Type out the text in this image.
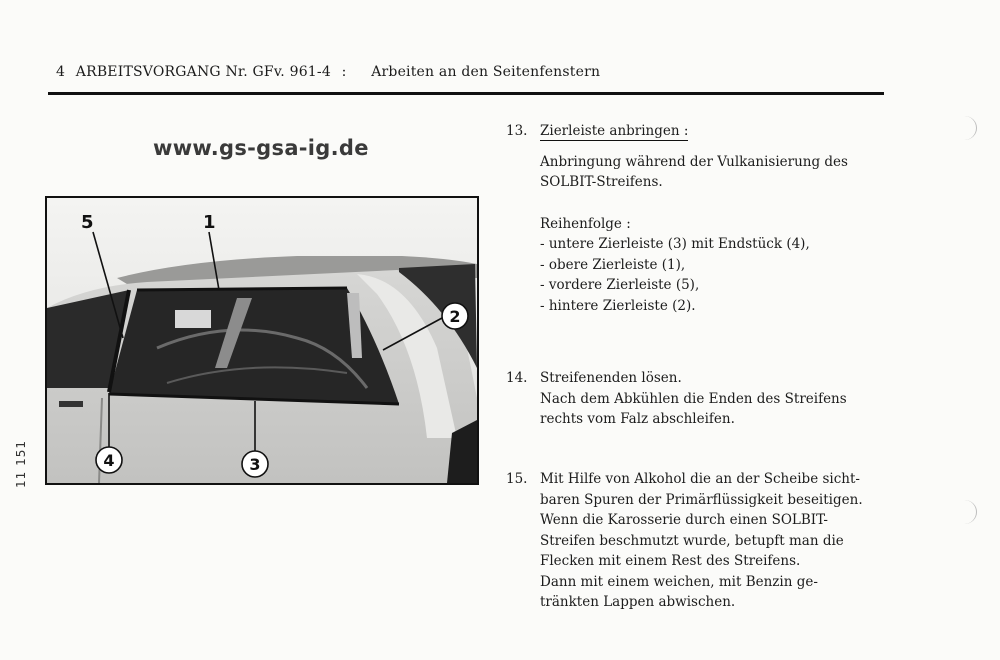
4 ARBEITSVORGANG Nr. GFv. 961-4 : Arbeiten an den Seitenfenstern
www.gs-gsa-ig.de
1
2
3
4
5
11 151
13. Zierleiste anbringen :
Anbringung während der Vulkanisierung des
SOLBIT-Streifens.
Reihenfolge :
- untere Zierleiste (3) mit Endstück (4),
- obere Zierleiste (1),
- vordere Zierleiste (5),
- hintere Zierleiste (2).
14. Streifenenden lösen.
Nach dem Abkühlen die Enden des Streifens
rechts vom Falz abschleifen.
15. Mit Hilfe von Alkohol die an der Scheibe sicht-
baren Spuren der Primärflüssigkeit beseitigen.
Wenn die Karosserie durch einen SOLBIT-
Streifen beschmutzt wurde, betupft man die
Flecken mit einem Rest des Streifens.
Dann mit einem weichen, mit Benzin ge-
tränkten Lappen abwischen.
